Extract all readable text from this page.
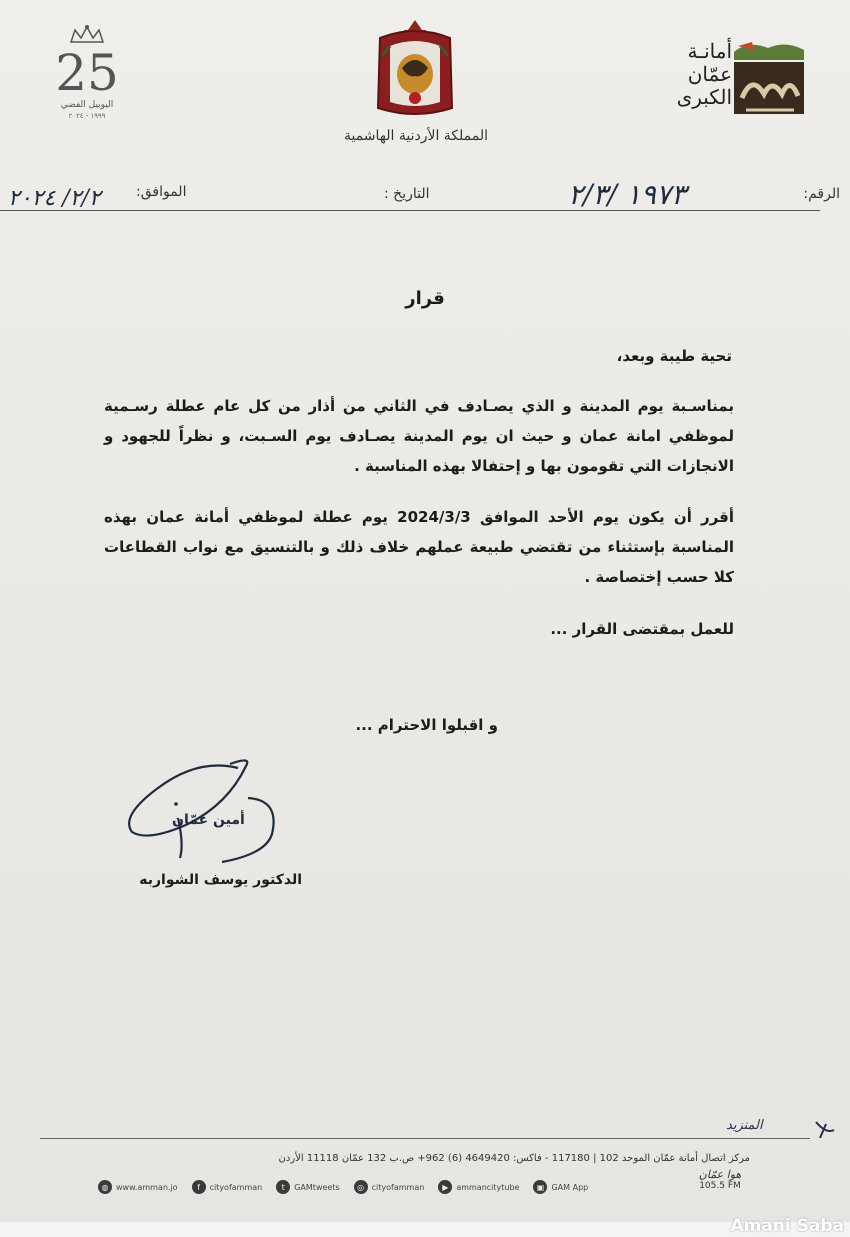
Amani Saba
25
اليوبيل الفضي
١٩٩٩ - ٢٠٢٤
المملكة الأردنية الهاشمية
أمانـة
عمّان
الكبرى
الرقم:
١٩٧٣ /٢/٣
التاريخ :
الموافق:
٢/٢/ ٢٠٢٤
قرار
تحية طيبة وبعد،
بمناسـبة يوم المدينة و الذي يصـادف في الثاني من أذار من كل عام عطلة رسـمية لموظفي امانة عمان و حيث ان يوم المدينة يصـادف يوم السـبت، و نظراً للجهود و الانجازات التي تقومون بها و إحتفالا بهذه المناسبة .
أقرر أن يكون يوم الأحد الموافق 2024/3/3 يوم عطلة لموظفي أمانة عمان بهذه المناسبة بإستثناء من تقتضي طبيعة عملهم خلاف ذلك و بالتنسيق مع نواب القطاعات كلا حسب إختصاصة .
للعمل بمقتضى القرار ...
و اقبلوا الاحترام ...
أمين عمّان
الدكتور يوسف الشواربه
المنزيد
مركز اتصال أمانة عمّان الموحد 102 | 117180 - فاكس: 4649420 (6) 962+ ص.ب 132 عمّان 11118 الأردن
◍ www.amman.jo	f	cityofamman	t	GAMtweets	◎ cityofamman	▶ ammancitytube	▣ GAM App
هوا عمّان
105.5 FM
